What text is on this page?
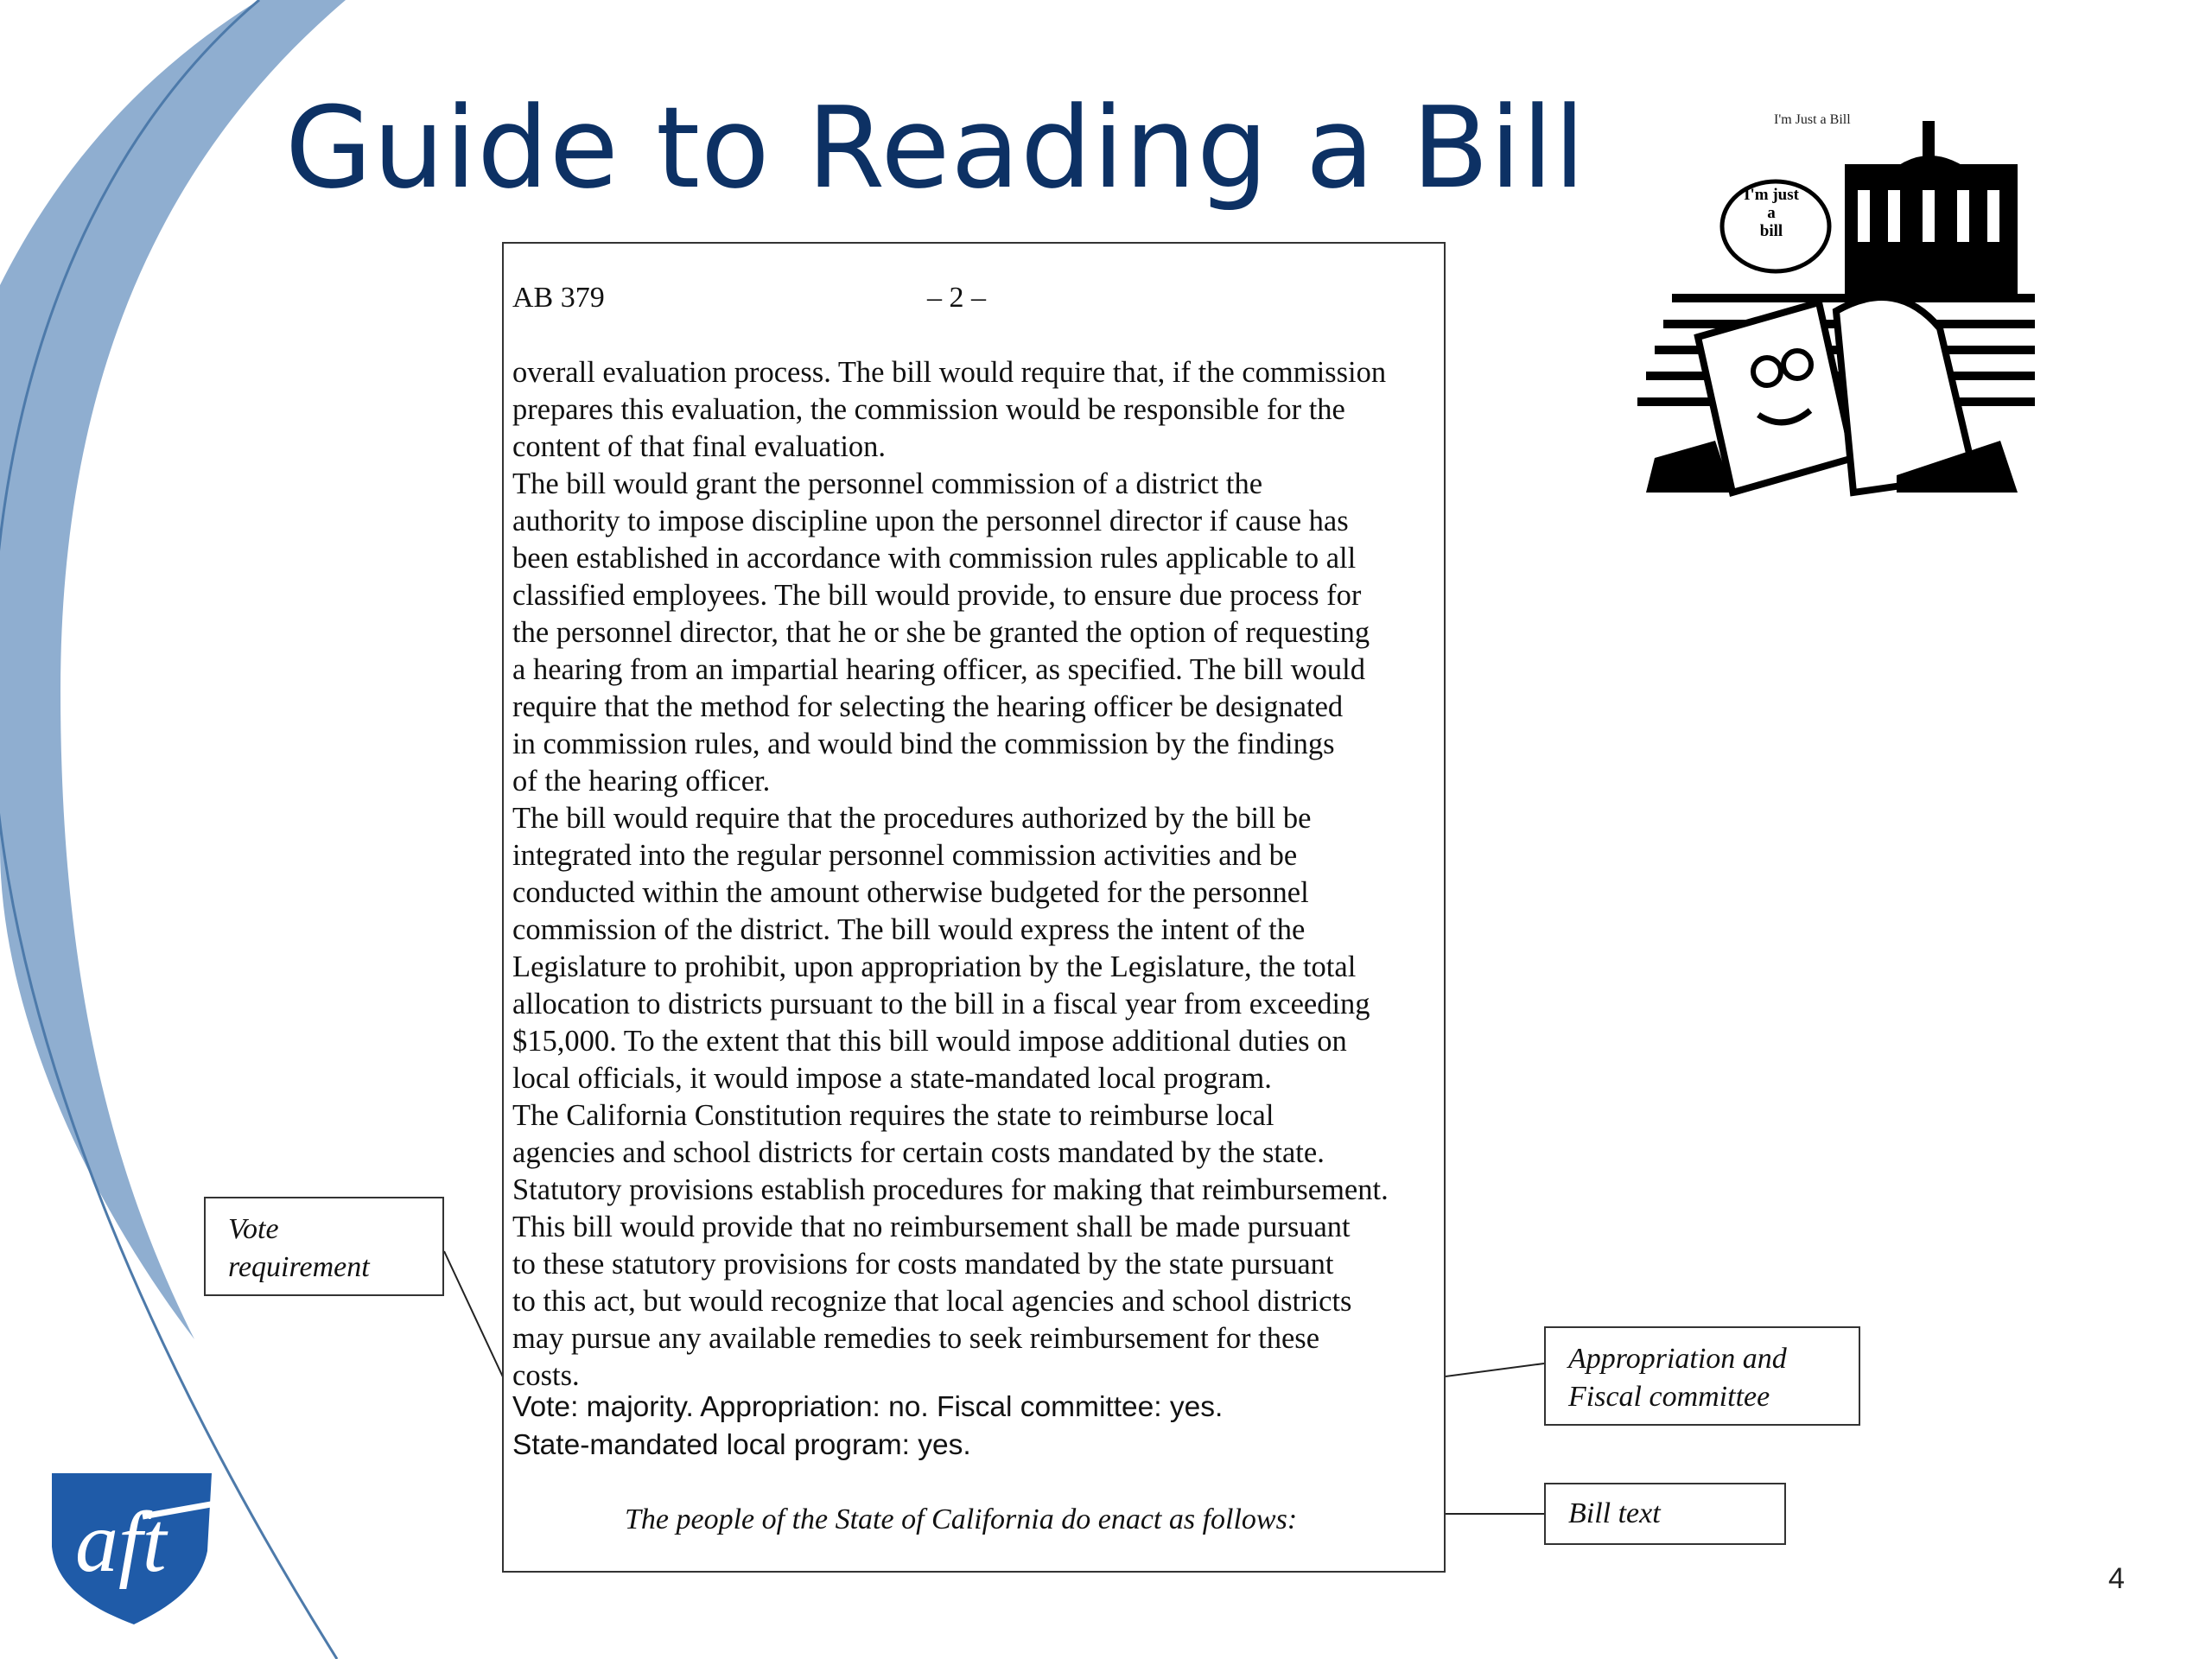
Guide to Reading a Bill	I'm Just a Bill
I'm just
a
bill
AB 379	– 2 –

overall evaluation process. The bill would require that, if the commission

prepares this evaluation, the commission would be responsible for the

content of that final evaluation.

The bill would grant the personnel commission of a district the

authority to impose discipline upon the personnel director if cause has

been established in accordance with commission rules applicable to all

classified employees. The bill would provide, to ensure due process for

the personnel director, that he or she be granted the option of requesting

a hearing from an impartial hearing officer, as specified. The bill would

require that the method for selecting the hearing officer be designated

in commission rules, and would bind the commission by the findings

of the hearing officer.

The bill would require that the procedures authorized by the bill be

integrated into the regular personnel commission activities and be

conducted within the amount otherwise budgeted for the personnel

commission of the district. The bill would express the intent of the

Legislature to prohibit, upon appropriation by the Legislature, the total

allocation to districts pursuant to the bill in a fiscal year from exceeding

$15,000. To the extent that this bill would impose additional duties on

local officials, it would impose a state-mandated local program.

The California Constitution requires the state to reimburse local

agencies and school districts for certain costs mandated by the state.

Statutory provisions establish procedures for making that reimbursement.

This bill would provide that no reimbursement shall be made pursuant

to these statutory provisions for costs mandated by the state pursuant

to this act, but would recognize that local agencies and school districts

may pursue any available remedies to seek reimbursement for these

costs.

Vote: majority. Appropriation: no. Fiscal committee: yes.

State-mandated local program: yes.

The people of the State of California do enact as follows:

Vote

requirement

Appropriation and

Fiscal committee

Bill text

aft	4
